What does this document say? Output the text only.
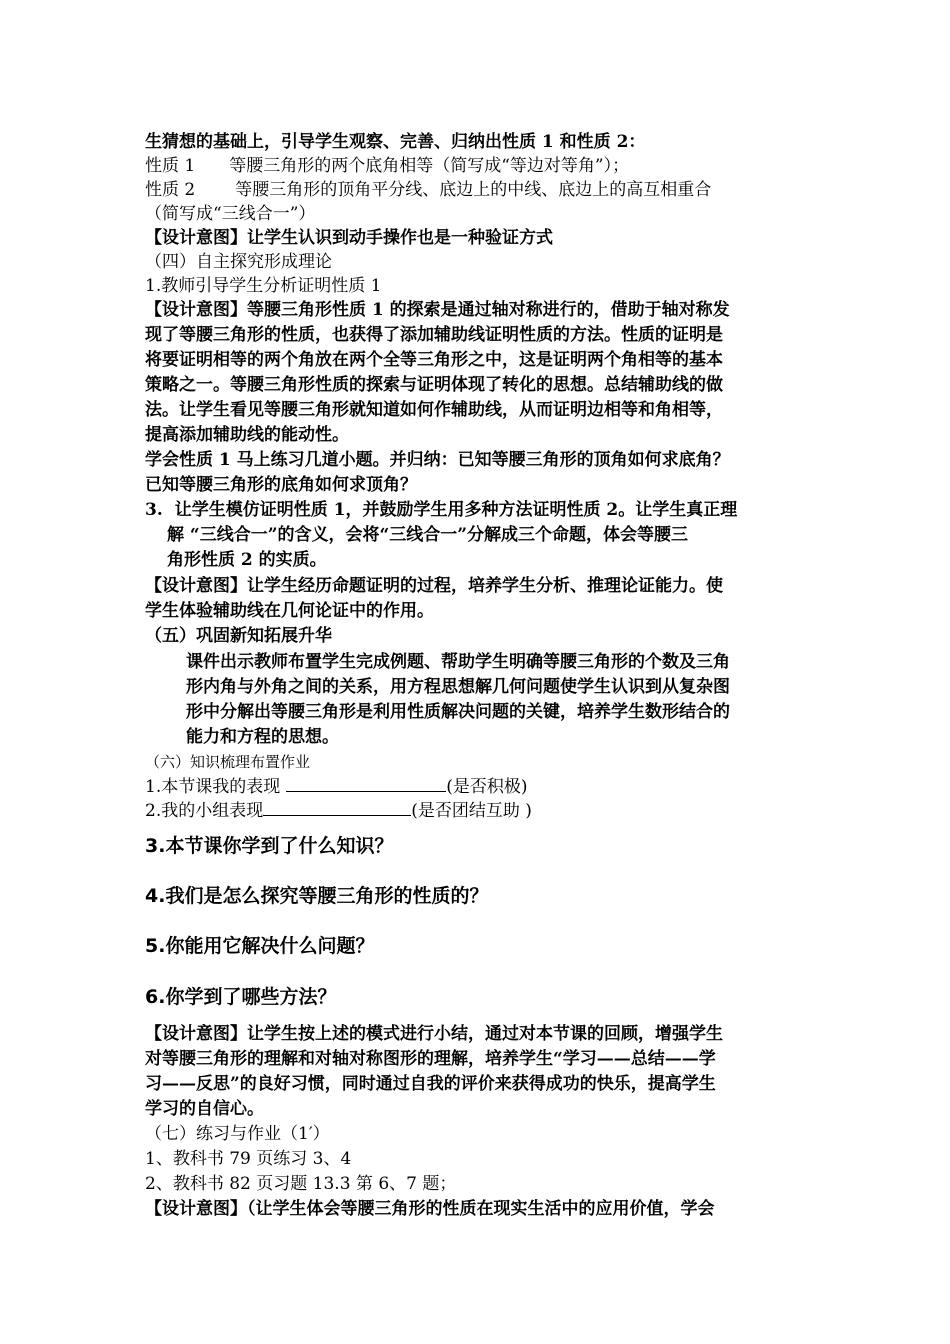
生猜想的基础上，引导学生观察、完善、归纳出性质 1 和性质 2：
性质 1 等腰三角形的两个底角相等（简写成“等边对等角”）；
性质 2 等腰三角形的顶角平分线、底边上的中线、底边上的高互相重合
（简写成“三线合一”）
【设计意图】让学生认识到动手操作也是一种验证方式
（四）自主探究形成理论
1.教师引导学生分析证明性质 1
【设计意图】等腰三角形性质 1 的探索是通过轴对称进行的，借助于轴对称发
现了等腰三角形的性质，也获得了添加辅助线证明性质的方法。性质的证明是
将要证明相等的两个角放在两个全等三角形之中，这是证明两个角相等的基本
策略之一。等腰三角形性质的探索与证明体现了转化的思想。总结辅助线的做
法。让学生看见等腰三角形就知道如何作辅助线，从而证明边相等和角相等，
提高添加辅助线的能动性。
学会性质 1 马上练习几道小题。并归纳：已知等腰三角形的顶角如何求底角？
已知等腰三角形的底角如何求顶角？
3. 让学生模仿证明性质 1，并鼓励学生用多种方法证明性质 2。让学生真正理
解 “三线合一”的含义，会将“三线合一”分解成三个命题，体会等腰三
角形性质 2 的实质。
【设计意图】让学生经历命题证明的过程，培养学生分析、推理论证能力。使
学生体验辅助线在几何论证中的作用。
（五）巩固新知拓展升华
课件出示教师布置学生完成例题、帮助学生明确等腰三角形的个数及三角
形内角与外角之间的关系，用方程思想解几何问题使学生认识到从复杂图
形中分解出等腰三角形是利用性质解决问题的关键，培养学生数形结合的
能力和方程的思想。
（六）知识梳理布置作业
1.本节课我的表现	(是否积极)
2.我的小组表现	(是否团结互助 )
3.本节课你学到了什么知识？
4.我们是怎么探究等腰三角形的性质的？
5.你能用它解决什么问题？
6.你学到了哪些方法？
【设计意图】让学生按上述的模式进行小结，通过对本节课的回顾，增强学生
对等腰三角形的理解和对轴对称图形的理解，培养学生“学习——总结——学
习——反思”的良好习惯，同时通过自我的评价来获得成功的快乐，提高学生
学习的自信心。
（七）练习与作业（1′）
1、教科书 79 页练习 3、4
2、教科书 82 页习题 13.3 第 6、7 题；
【设计意图】（让学生体会等腰三角形的性质在现实生活中的应用价值，学会
